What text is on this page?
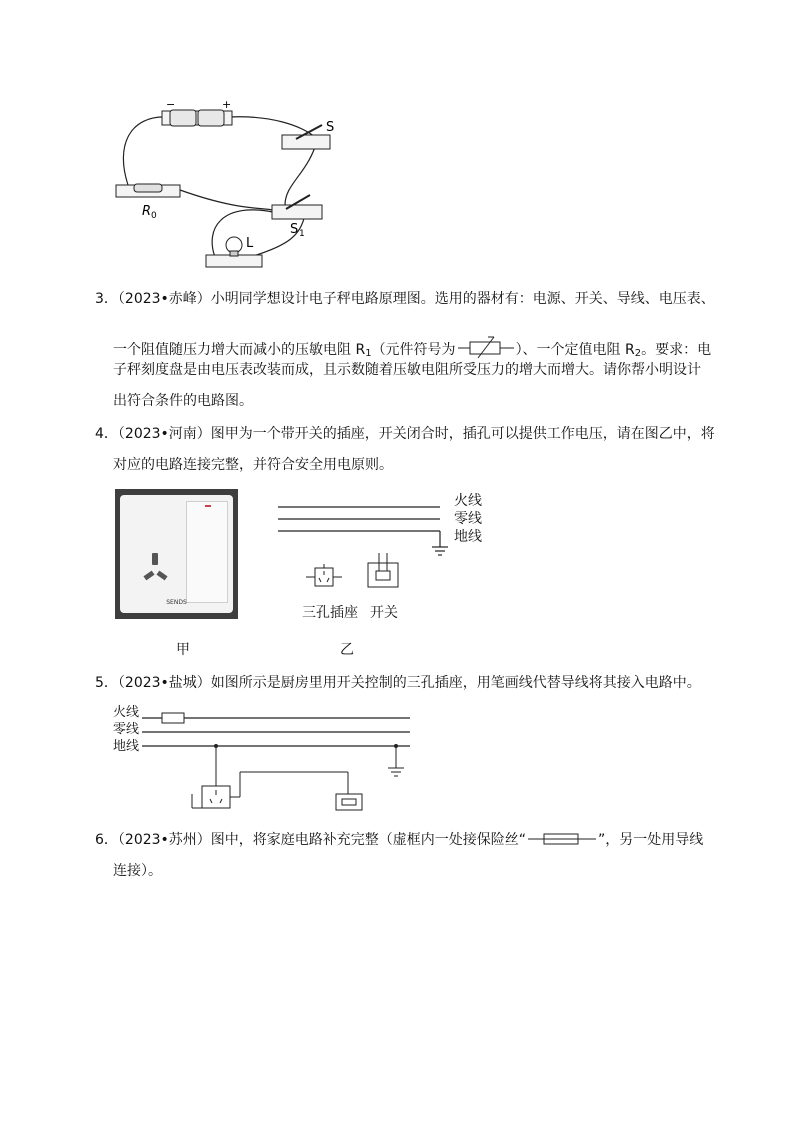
−	+
S
R 0
S 1
L
3．（2023•赤峰）小明同学想设计电子秤电路原理图。选用的器材有：电源、开关、导线、电压表、
一个阻值随压力增大而减小的压敏电阻 $R_1$（元件符号为	）、一个定值电阻 $R_2$。要求：电
子秤刻度盘是由电压表改装而成，且示数随着压敏电阻所受压力的增大而增大。请你帮小明设计
出符合条件的电路图。
4．（2023•河南）图甲为一个带开关的插座，开关闭合时，插孔可以提供工作电压，请在图乙中，将
对应的电路连接完整，并符合安全用电原则。
SENDS
甲
火线
零线
地线
三孔插座 开关
乙
5．（2023•盐城）如图所示是厨房里用开关控制的三孔插座，用笔画线代替导线将其接入电路中。
火线
零线
地线
6．（2023•苏州）图中，将家庭电路补充完整（虚框内一处接保险丝“	”，另一处用导线
连接）。
